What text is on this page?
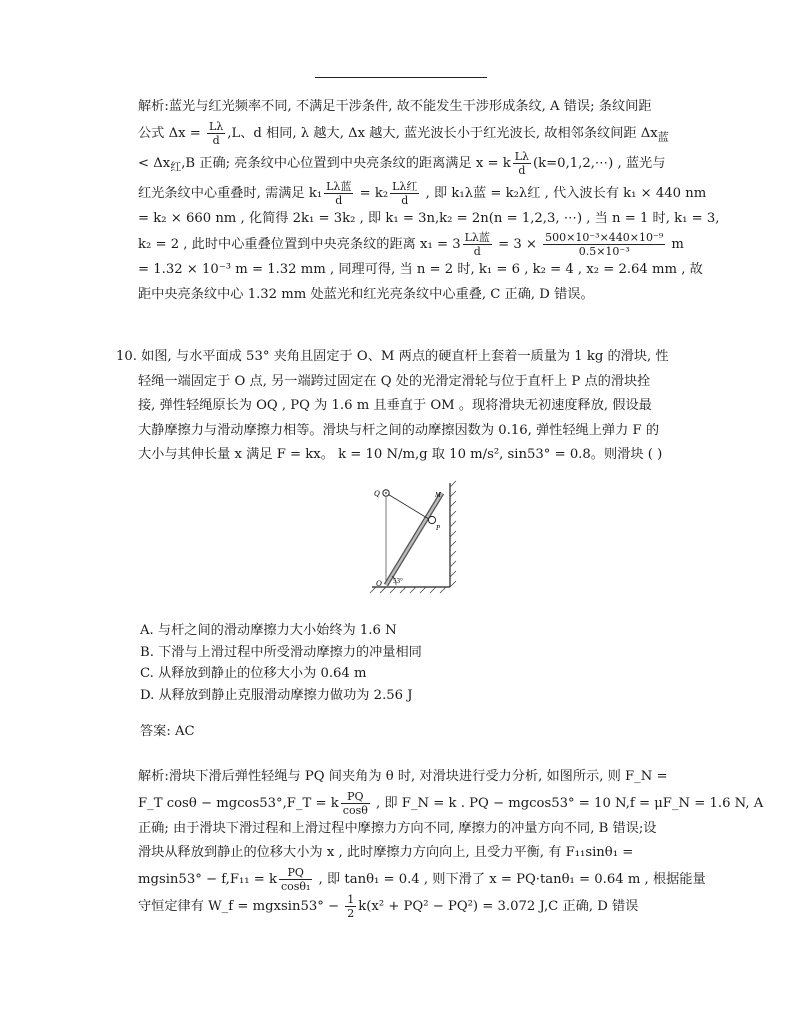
解析:蓝光与红光频率不同, 不满足干涉条件, 故不能发生干涉形成条纹, A 错误; 条纹间距
公式 $\Delta x = \frac{L\lambda}{d} ,L$、d 相同, λ 越大, Δx 越大, 蓝光波长小于红光波长, 故相邻条纹间距 $\Delta x_蓝$
< $\Delta x_红,B$ 正确; 亮条纹中心位置到中央亮条纹的距离满足 x = k $\frac{L\lambda}{d}$ (k=0,1,2,⋯) , 蓝光与
红光条纹中心重叠时, 需满足 $k_1 \frac{\text{Lλ蓝}}{d} = k_2 \frac{\text{Lλ红}}{d}$ , 即 k₁λ蓝 = k₂λ红 , 代入波长有 k₁ × 440 nm
= k₂ × 660 nm , 化简得 2k₁ = 3k₂ , 即 k₁ = 3n,k₂ = 2n(n = 1,2,3, ⋯) , 当 n = 1 时, k₁ = 3,
k₂ = 2 , 此时中心重叠位置到中央亮条纹的距离 $x_1 = 3 \frac{\text{Lλ蓝}}{d} = 3 \times \frac{\text{500×10⁻³×440×10⁻⁹}}{\text{0.5×10⁻³}}$ m
= 1.32 × 10⁻³ m = 1.32 mm , 同理可得, 当 n = 2 时, k₁ = 6 , k₂ = 4 , x₂ = 2.64 mm , 故
距中央亮条纹中心 1.32 mm 处蓝光和红光亮条纹中心重叠, C 正确, D 错误。
10. 如图, 与水平面成 53° 夹角且固定于 O、M 两点的硬直杆上套着一质量为 1 kg 的滑块, 性
轻绳一端固定于 O 点, 另一端跨过固定在 Q 处的光滑定滑轮与位于直杆上 P 点的滑块拴
接, 弹性轻绳原长为 OQ , PQ 为 1.6 m 且垂直于 OM 。现将滑块无初速度释放, 假设最
大静摩擦力与滑动摩擦力相等。滑块与杆之间的动摩擦因数为 0.16, 弹性轻绳上弹力 F 的
大小与其伸长量 x 满足 F = kx。 k = 10 N/m,g 取 10 m/s², sin53° = 0.8。则滑块 ( )
Q	M
P
O 53°
A. 与杆之间的滑动摩擦力大小始终为 1.6 N
B. 下滑与上滑过程中所受滑动摩擦力的冲量相同
C. 从释放到静止的位移大小为 0.64 m
D. 从释放到静止克服滑动摩擦力做功为 2.56 J
答案: AC
解析:滑块下滑后弹性轻绳与 PQ 间夹角为 θ 时, 对滑块进行受力分析, 如图所示, 则 F_N =
F_T cosθ − mgcos53°,F_T = k $\frac{PQ}{\cos\theta}$ , 即 F_N = k . PQ − mgcos53° = 10 N,f = μF_N = 1.6 N, A
正确; 由于滑块下滑过程和上滑过程中摩擦力方向不同, 摩擦力的冲量方向不同, B 错误;设
滑块从释放到静止的位移大小为 x , 此时摩擦力方向向上, 且受力平衡, 有 F₁₁sinθ₁ =
mgsin53° − f,F₁₁ = k $\frac{PQ}{\text{cosθ₁}}$ , 即 tanθ₁ = 0.4 , 则下滑了 x = PQ·tanθ₁ = 0.64 m , 根据能量
守恒定律有 W_f = $mgxsin53^\circ - \frac{1}{2} k(x^2 + PQ^2 - PQ^2) = 3.072$ J,C 正确, D 错误
